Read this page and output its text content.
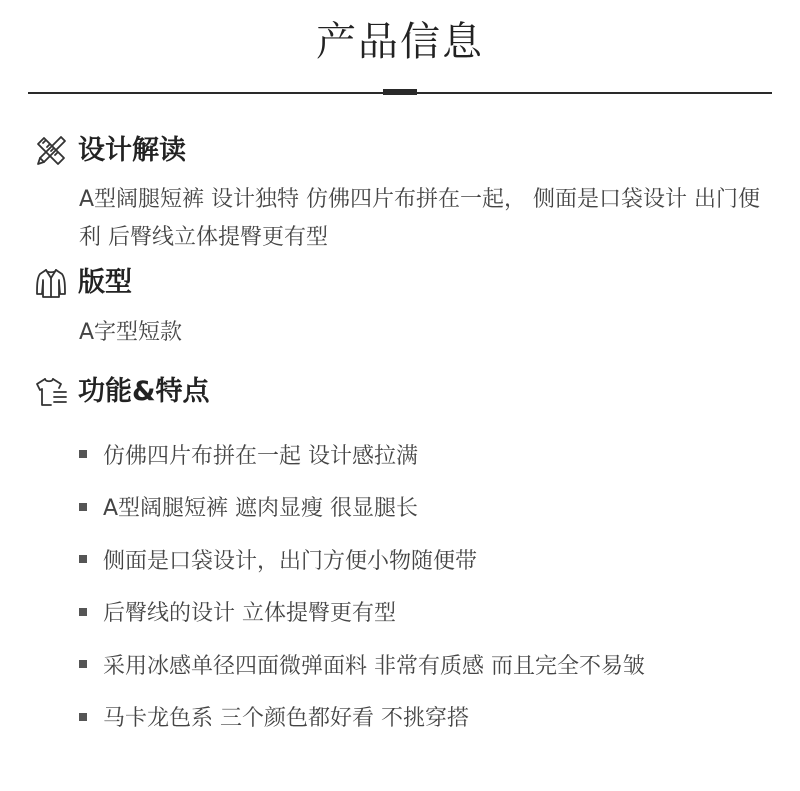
产品信息
设计解读
A型阔腿短裤 设计独特 仿佛四片布拼在一起， 侧面是口袋设计 出门便利 后臀线立体提臀更有型
版型
A字型短款
功能&特点
仿佛四片布拼在一起 设计感拉满
A型阔腿短裤 遮肉显瘦 很显腿长
侧面是口袋设计，出门方便小物随便带
后臀线的设计 立体提臀更有型
采用冰感单径四面微弹面料 非常有质感 而且完全不易皱
马卡龙色系 三个颜色都好看 不挑穿搭
